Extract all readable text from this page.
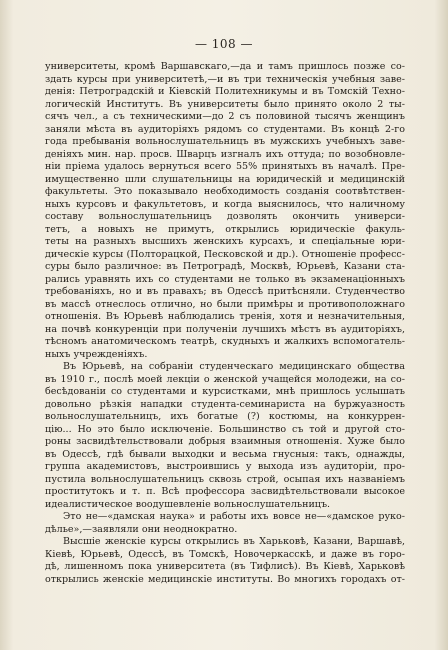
— 108 —
университеты, кромѣ Варшавскаго,—да и тамъ пришлось позже со-
здать курсы при университетѣ,—и въ три техническія учебныя заве-
денія: Петроградскій и Кіевскій Политехникумы и въ Томскій Техно-
логическій Институтъ. Въ университеты было принято около 2 ты-
сячъ чел., а съ техническими—до 2 съ половиной тысячъ женщинъ
заняли мѣста въ аудиторіяхъ рядомъ со студентами. Въ концѣ 2-го
года пребыванія вольнослушательницъ въ мужскихъ учебныхъ заве-
деніяхъ мин. нар. просв. Шварцъ изгналъ ихъ оттуда; по возобновле-
ніи пріема удалось вернуться всего 55% принятыхъ въ началѣ. Пре-
имущественно шли слушательницы на юридическій и медицинскій
факультеты. Это показывало необходимость созданія соотвѣтствен-
ныхъ курсовъ и факультетовъ, и когда выяснилось, что наличному
составу вольнослушательницъ дозволять окончить универси-
тетъ, а новыхъ не примутъ, открылись юридическіе факуль-
теты на разныхъ высшихъ женскихъ курсахъ, и спеціальные юри-
дическіе курсы (Полторацкой, Песковской и др.). Отношеніе професс-
суры было различное: въ Петроградѣ, Москвѣ, Юрьевѣ, Казани ста-
рались уравнять ихъ со студентами не только въ экзаменаціонныхъ
требованіяхъ, но и въ правахъ; въ Одессѣ притѣсняли. Студенчество
въ массѣ отнеслось отлично, но были примѣры и противоположнаго
отношенія. Въ Юрьевѣ наблюдались тренія, хотя и незначительныя,
на почвѣ конкуренціи при полученіи лучшихъ мѣстъ въ аудиторіяхъ,
тѣсномъ анатомическомъ театрѣ, скудныхъ и жалкихъ вспомогатель-
ныхъ учрежденіяхъ.
Въ Юрьевѣ, на собраніи студенческаго медицинскаго общества
въ 1910 г., послѣ моей лекціи о женской учащейся молодежи, на со-
бесѣдованіи со студентами и курсистками, мнѣ пришлось услышать
довольно рѣзкія нападки студента-семинариста на буржуазность
вольнослушательницъ, ихъ богатые (?) костюмы, на конкуррен-
цію... Но это было исключеніе. Большинство съ той и другой сто-
роны засвидѣтельствовали добрыя взаимныя отношенія. Хуже было
въ Одессѣ, гдѣ бывали выходки и весьма гнусныя: такъ, однажды,
группа академистовъ, выстроившись у выхода изъ аудиторіи, про-
пустила вольнослушательницъ сквозь строй, осыпая ихъ названіемъ
проститутокъ и т. п. Всѣ профессора засвидѣтельствовали высокое
идеалистическое воодушевленіе вольнослушательницъ.
Это не—«дамская наука» и работы ихъ вовсе не—«дамское руко-
дѣлье»,—заявляли они неоднократно.
Высшіе женскіе курсы открылись въ Харьковѣ, Казани, Варшавѣ,
Кіевѣ, Юрьевѣ, Одессѣ, въ Томскѣ, Новочеркасскѣ, и даже въ горо-
дѣ, лишенномъ пока университета (въ Тифлисѣ). Въ Кіевѣ, Харьковѣ
открылись женскіе медицинскіе институты. Во многихъ городахъ от-
